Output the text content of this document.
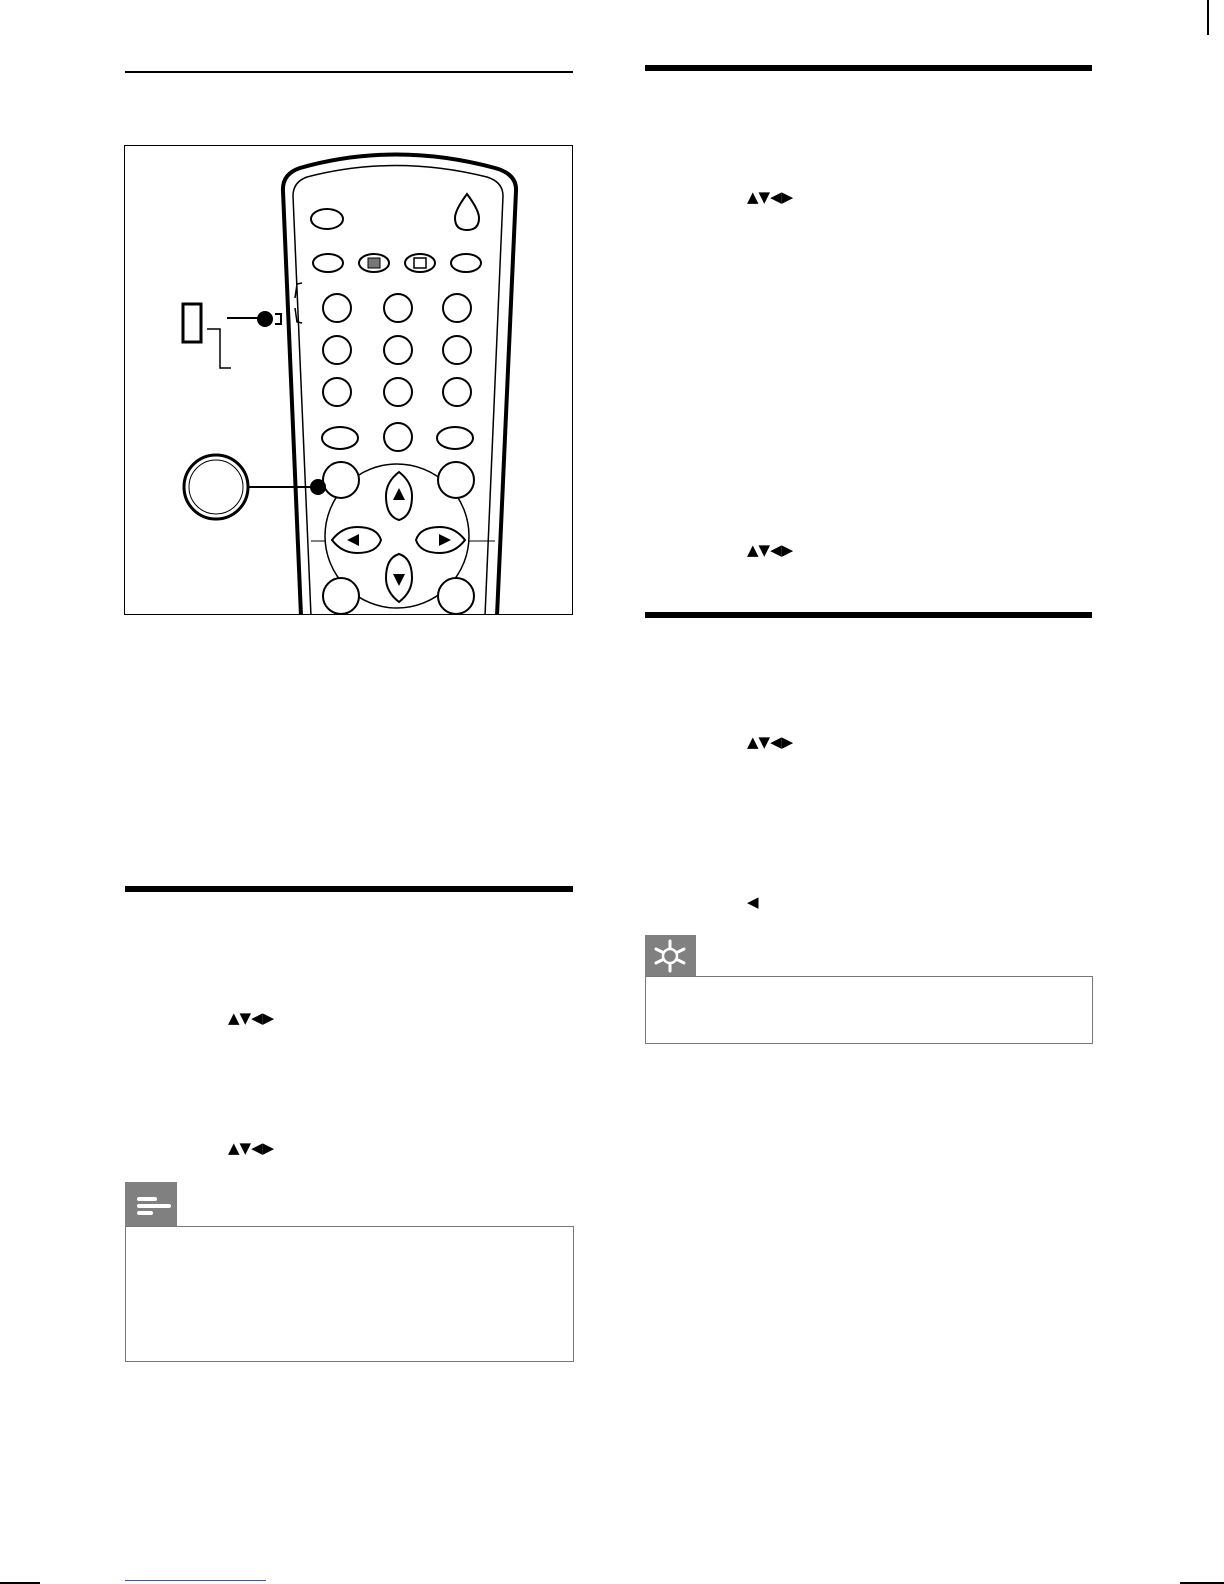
▲▼◀▶
▲▼◀▶
▲▼◀▶
▲▼◀▶
▲▼◀▶
◀
